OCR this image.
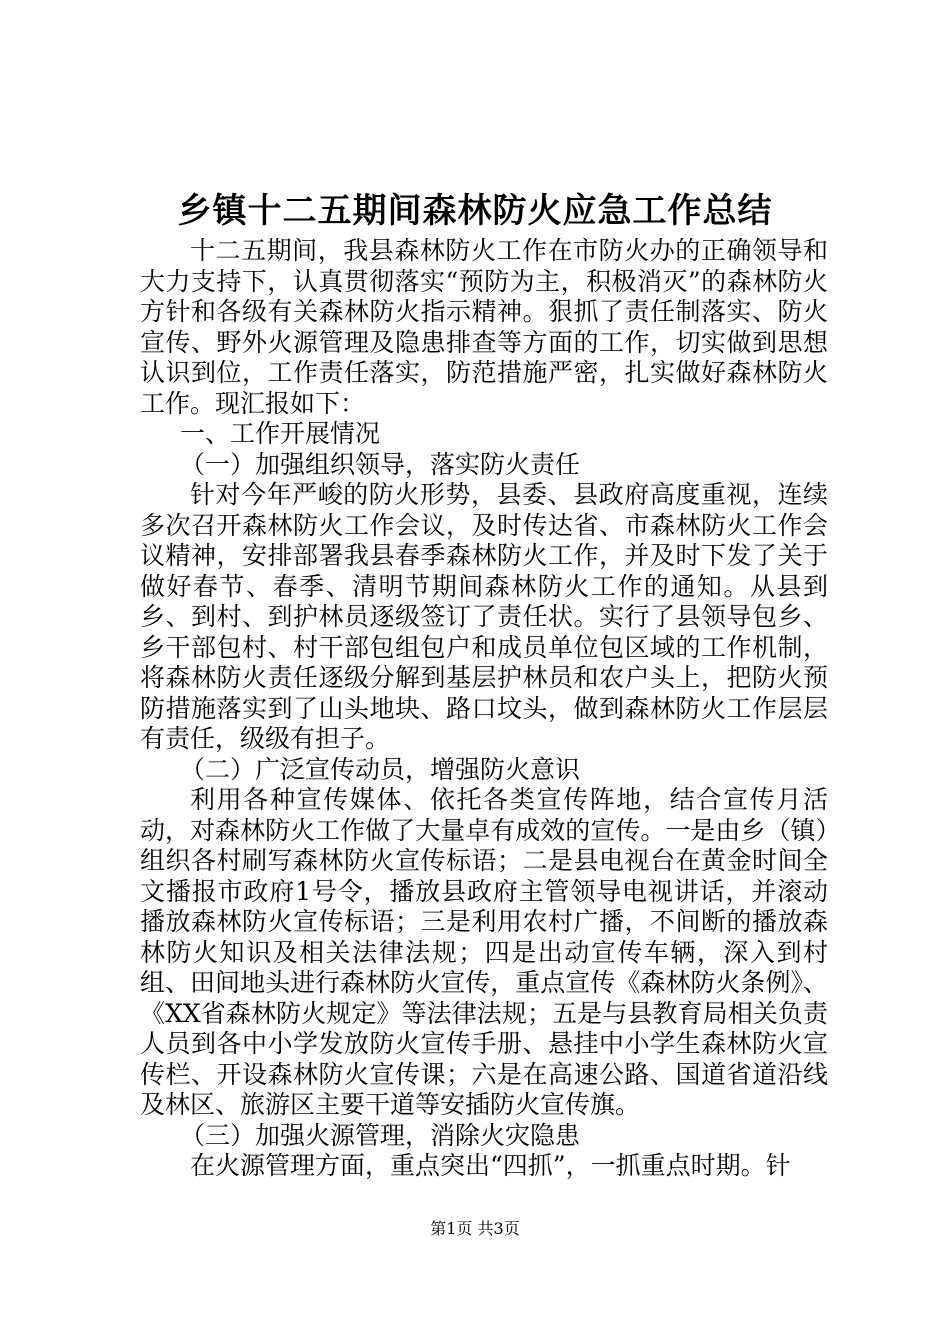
乡镇十二五期间森林防火应急工作总结

十二五期间，我县森林防火工作在市防火办的正确领导和大力支持下，认真贯彻落实“预防为主，积极消灭”的森林防火方针和各级有关森林防火指示精神。狠抓了责任制落实、防火宣传、野外火源管理及隐患排查等方面的工作，切实做到思想认识到位，工作责任落实，防范措施严密，扎实做好森林防火工作。现汇报如下：

一、工作开展情况

（一）加强组织领导，落实防火责任

针对今年严峻的防火形势，县委、县政府高度重视，连续多次召开森林防火工作会议，及时传达省、市森林防火工作会议精神，安排部署我县春季森林防火工作，并及时下发了关于做好春节、春季、清明节期间森林防火工作的通知。从县到乡、到村、到护林员逐级签订了责任状。实行了县领导包乡、乡干部包村、村干部包组包户和成员单位包区域的工作机制，将森林防火责任逐级分解到基层护林员和农户头上，把防火预防措施落实到了山头地块、路口坟头，做到森林防火工作层层有责任，级级有担子。

（二）广泛宣传动员，增强防火意识

利用各种宣传媒体、依托各类宣传阵地，结合宣传月活动，对森林防火工作做了大量卓有成效的宣传。一是由乡（镇）组织各村刷写森林防火宣传标语；二是县电视台在黄金时间全文播报市政府1号令，播放县政府主管领导电视讲话，并滚动播放森林防火宣传标语；三是利用农村广播，不间断的播放森林防火知识及相关法律法规；四是出动宣传车辆，深入到村组、田间地头进行森林防火宣传，重点宣传《森林防火条例》、《XX省森林防火规定》等法律法规；五是与县教育局相关负责人员到各中小学发放防火宣传手册、悬挂中小学生森林防火宣传栏、开设森林防火宣传课；六是在高速公路、国道省道沿线及林区、旅游区主要干道等安插防火宣传旗。

（三）加强火源管理，消除火灾隐患

在火源管理方面，重点突出“四抓”，一抓重点时期。针

第1页 共3页
